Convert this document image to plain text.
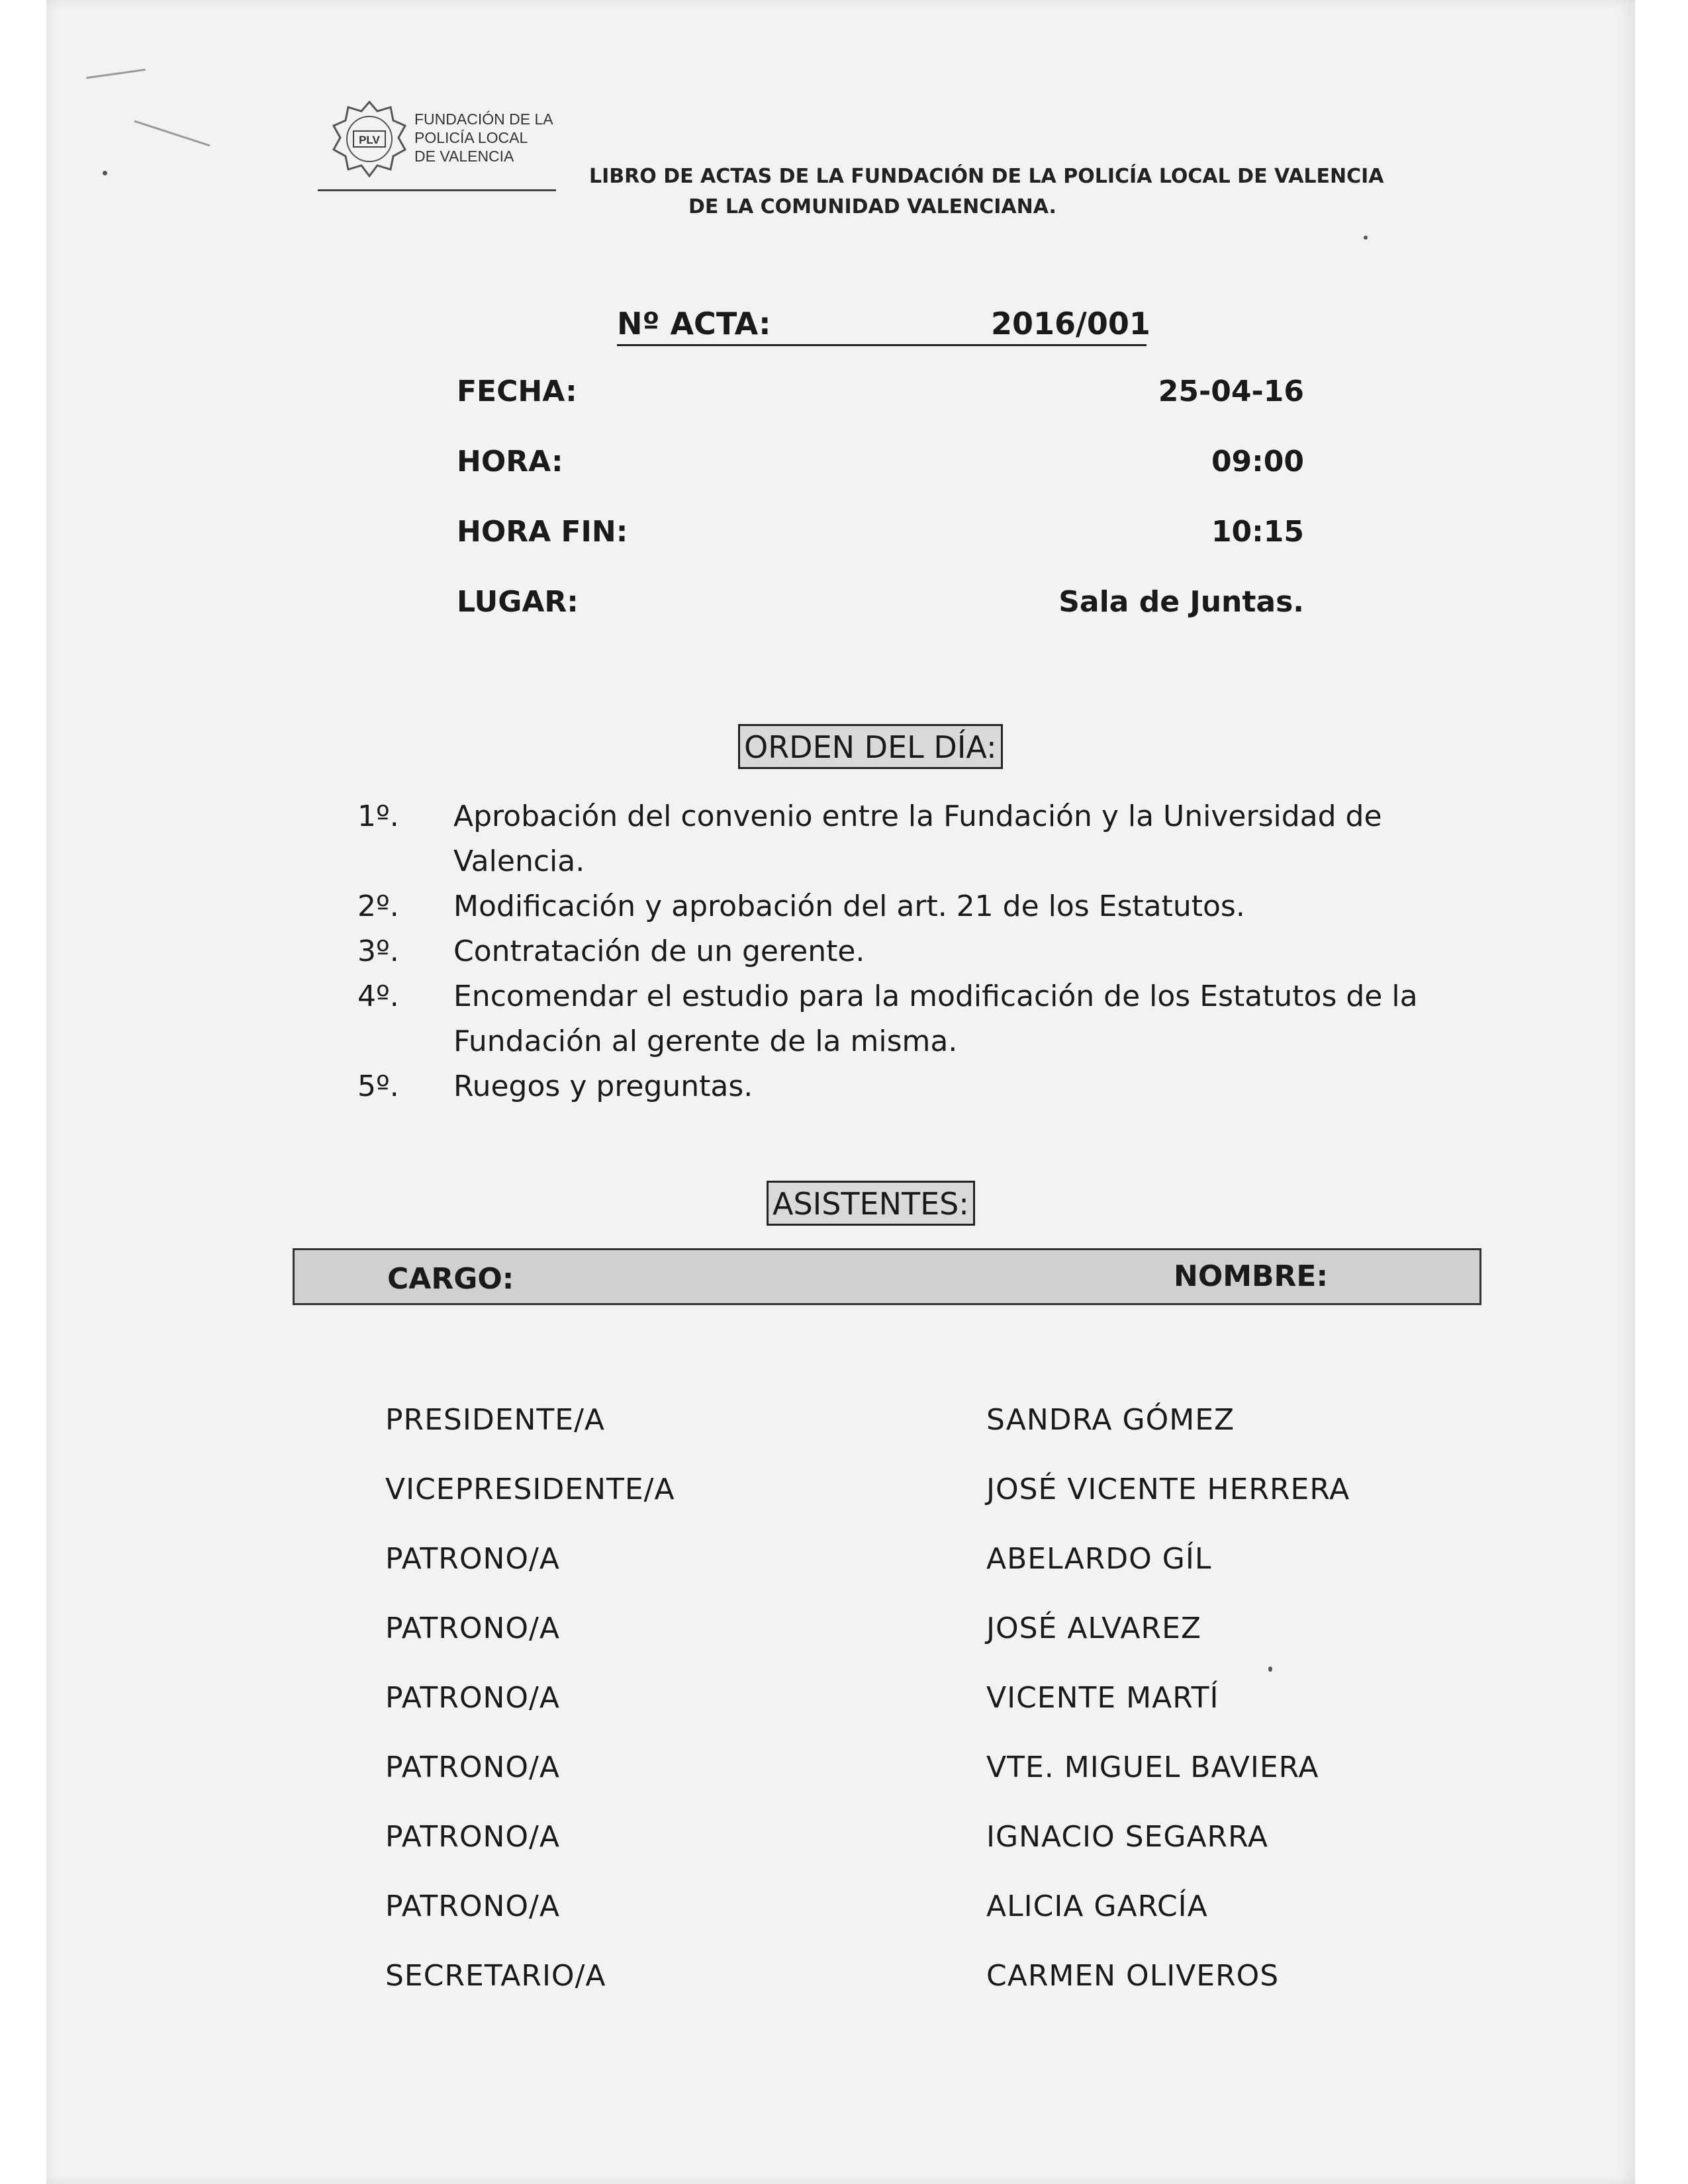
PLV
FUNDACIÓN DE LA
POLICÍA LOCAL
DE VALENCIA
LIBRO DE ACTAS DE LA FUNDACIÓN DE LA POLICÍA LOCAL DE VALENCIA
DE LA COMUNIDAD VALENCIANA.
Nº ACTA:	2016/001
FECHA:	25-04-16
HORA:	09:00
HORA FIN:	10:15
LUGAR:	Sala de Juntas.
ORDEN DEL DÍA:
1º. Aprobación del convenio entre la Fundación y la Universidad de Valencia.
2º. Modificación y aprobación del art. 21 de los Estatutos.
3º. Contratación de un gerente.
4º. Encomendar el estudio para la modificación de los Estatutos de la Fundación al gerente de la misma.
5º. Ruegos y preguntas.
ASISTENTES:
CARGO:	NOMBRE:
PRESIDENTE/A	SANDRA GÓMEZ
VICEPRESIDENTE/A	JOSÉ VICENTE HERRERA
PATRONO/A	ABELARDO GÍL
PATRONO/A	JOSÉ ALVAREZ
PATRONO/A	VICENTE MARTÍ
PATRONO/A	VTE. MIGUEL BAVIERA
PATRONO/A	IGNACIO SEGARRA
PATRONO/A	ALICIA GARCÍA
SECRETARIO/A	CARMEN OLIVEROS
